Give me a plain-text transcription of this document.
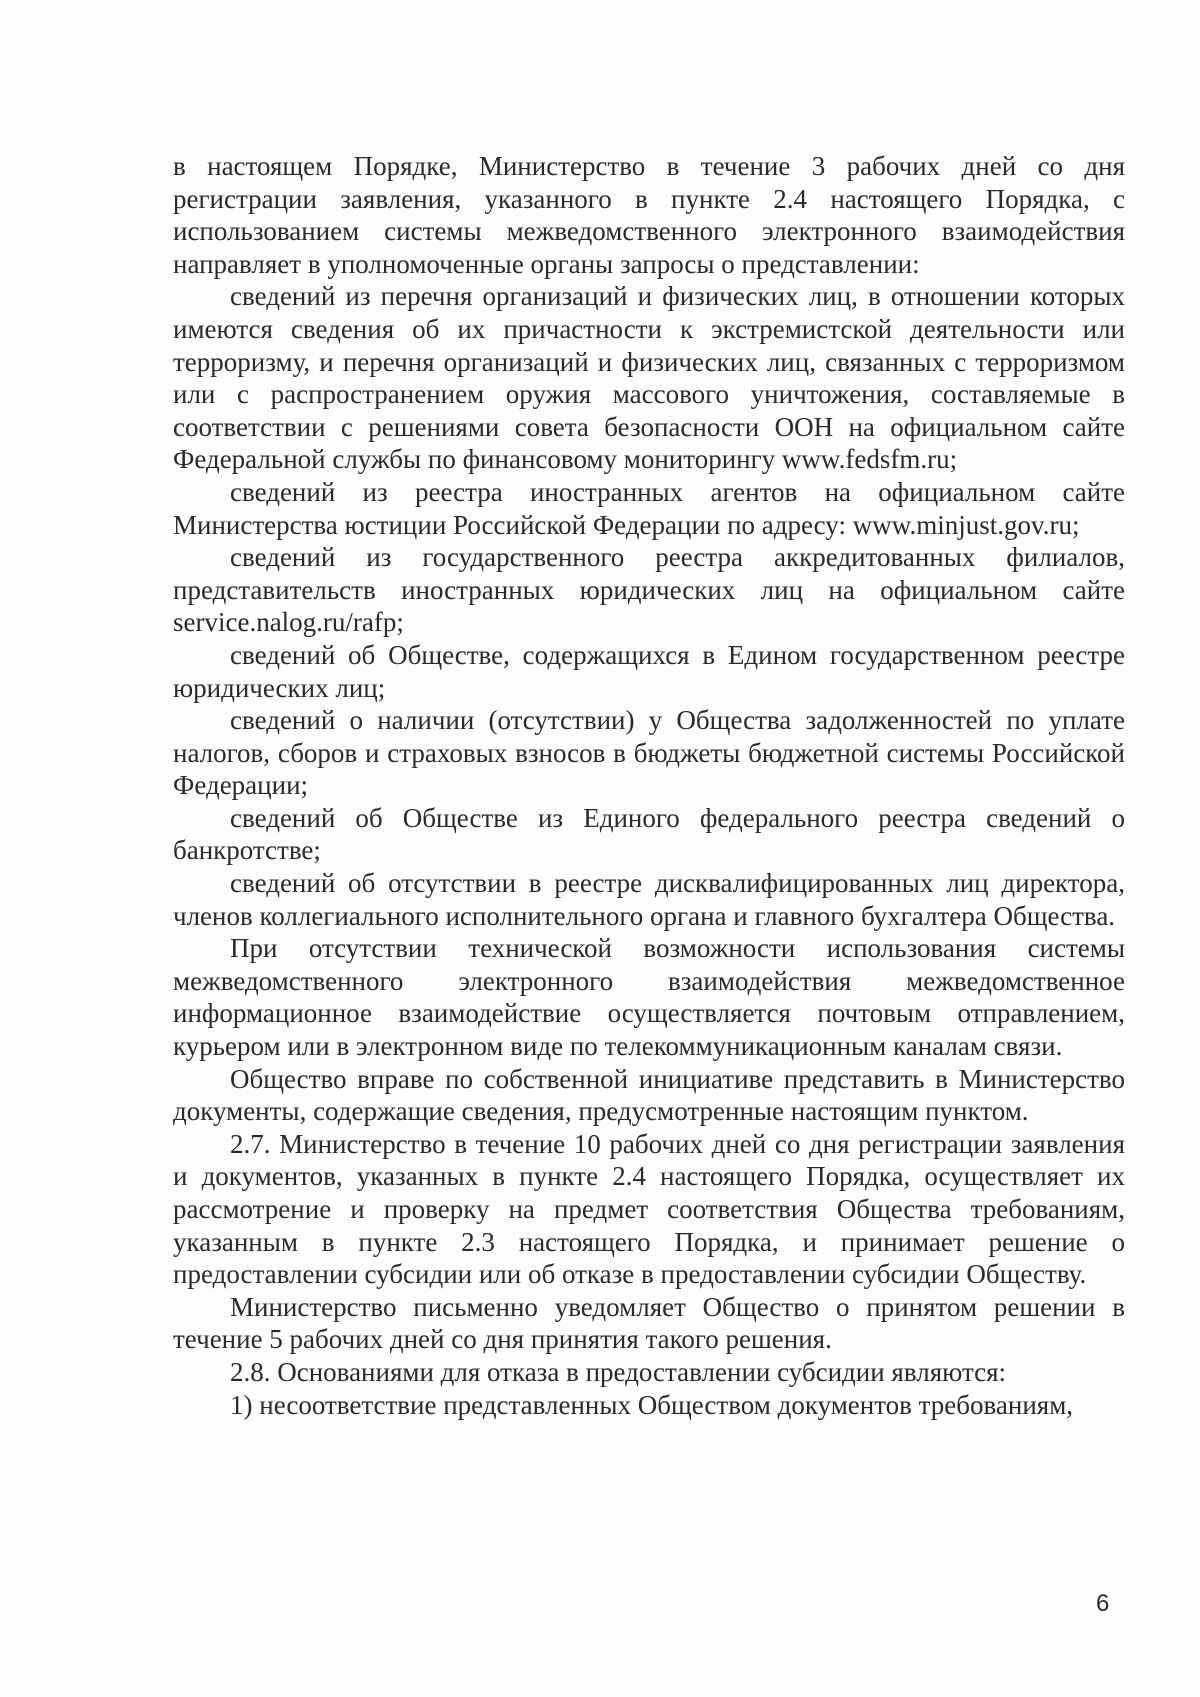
в настоящем Порядке, Министерство в течение 3 рабочих дней со дня регистрации заявления, указанного в пункте 2.4 настоящего Порядка, с использованием системы межведомственного электронного взаимодействия направляет в уполномоченные органы запросы о представлении:

сведений из перечня организаций и физических лиц, в отношении которых имеются сведения об их причастности к экстремистской деятельности или терроризму, и перечня организаций и физических лиц, связанных с терроризмом или с распространением оружия массового уничтожения, составляемые в соответствии с решениями совета безопасности ООН на официальном сайте Федеральной службы по финансовому мониторингу www.fedsfm.ru;

сведений из реестра иностранных агентов на официальном сайте Министерства юстиции Российской Федерации по адресу: www.minjust.gov.ru;

сведений из государственного реестра аккредитованных филиалов, представительств иностранных юридических лиц на официальном сайте service.nalog.ru/rafp;

сведений об Обществе, содержащихся в Едином государственном реестре юридических лиц;

сведений о наличии (отсутствии) у Общества задолженностей по уплате налогов, сборов и страховых взносов в бюджеты бюджетной системы Российской Федерации;

сведений об Обществе из Единого федерального реестра сведений о банкротстве;

сведений об отсутствии в реестре дисквалифицированных лиц директора, членов коллегиального исполнительного органа и главного бухгалтера Общества.

При отсутствии технической возможности использования системы межведомственного электронного взаимодействия межведомственное информационное взаимодействие осуществляется почтовым отправлением, курьером или в электронном виде по телекоммуникационным каналам связи.

Общество вправе по собственной инициативе представить в Министерство документы, содержащие сведения, предусмотренные настоящим пунктом.

2.7. Министерство в течение 10 рабочих дней со дня регистрации заявления и документов, указанных в пункте 2.4 настоящего Порядка, осуществляет их рассмотрение и проверку на предмет соответствия Общества требованиям, указанным в пункте 2.3 настоящего Порядка, и принимает решение о предоставлении субсидии или об отказе в предоставлении субсидии Обществу.

Министерство письменно уведомляет Общество о принятом решении в течение 5 рабочих дней со дня принятия такого решения.

2.8. Основаниями для отказа в предоставлении субсидии являются:

1) несоответствие представленных Обществом документов требованиям,

6
